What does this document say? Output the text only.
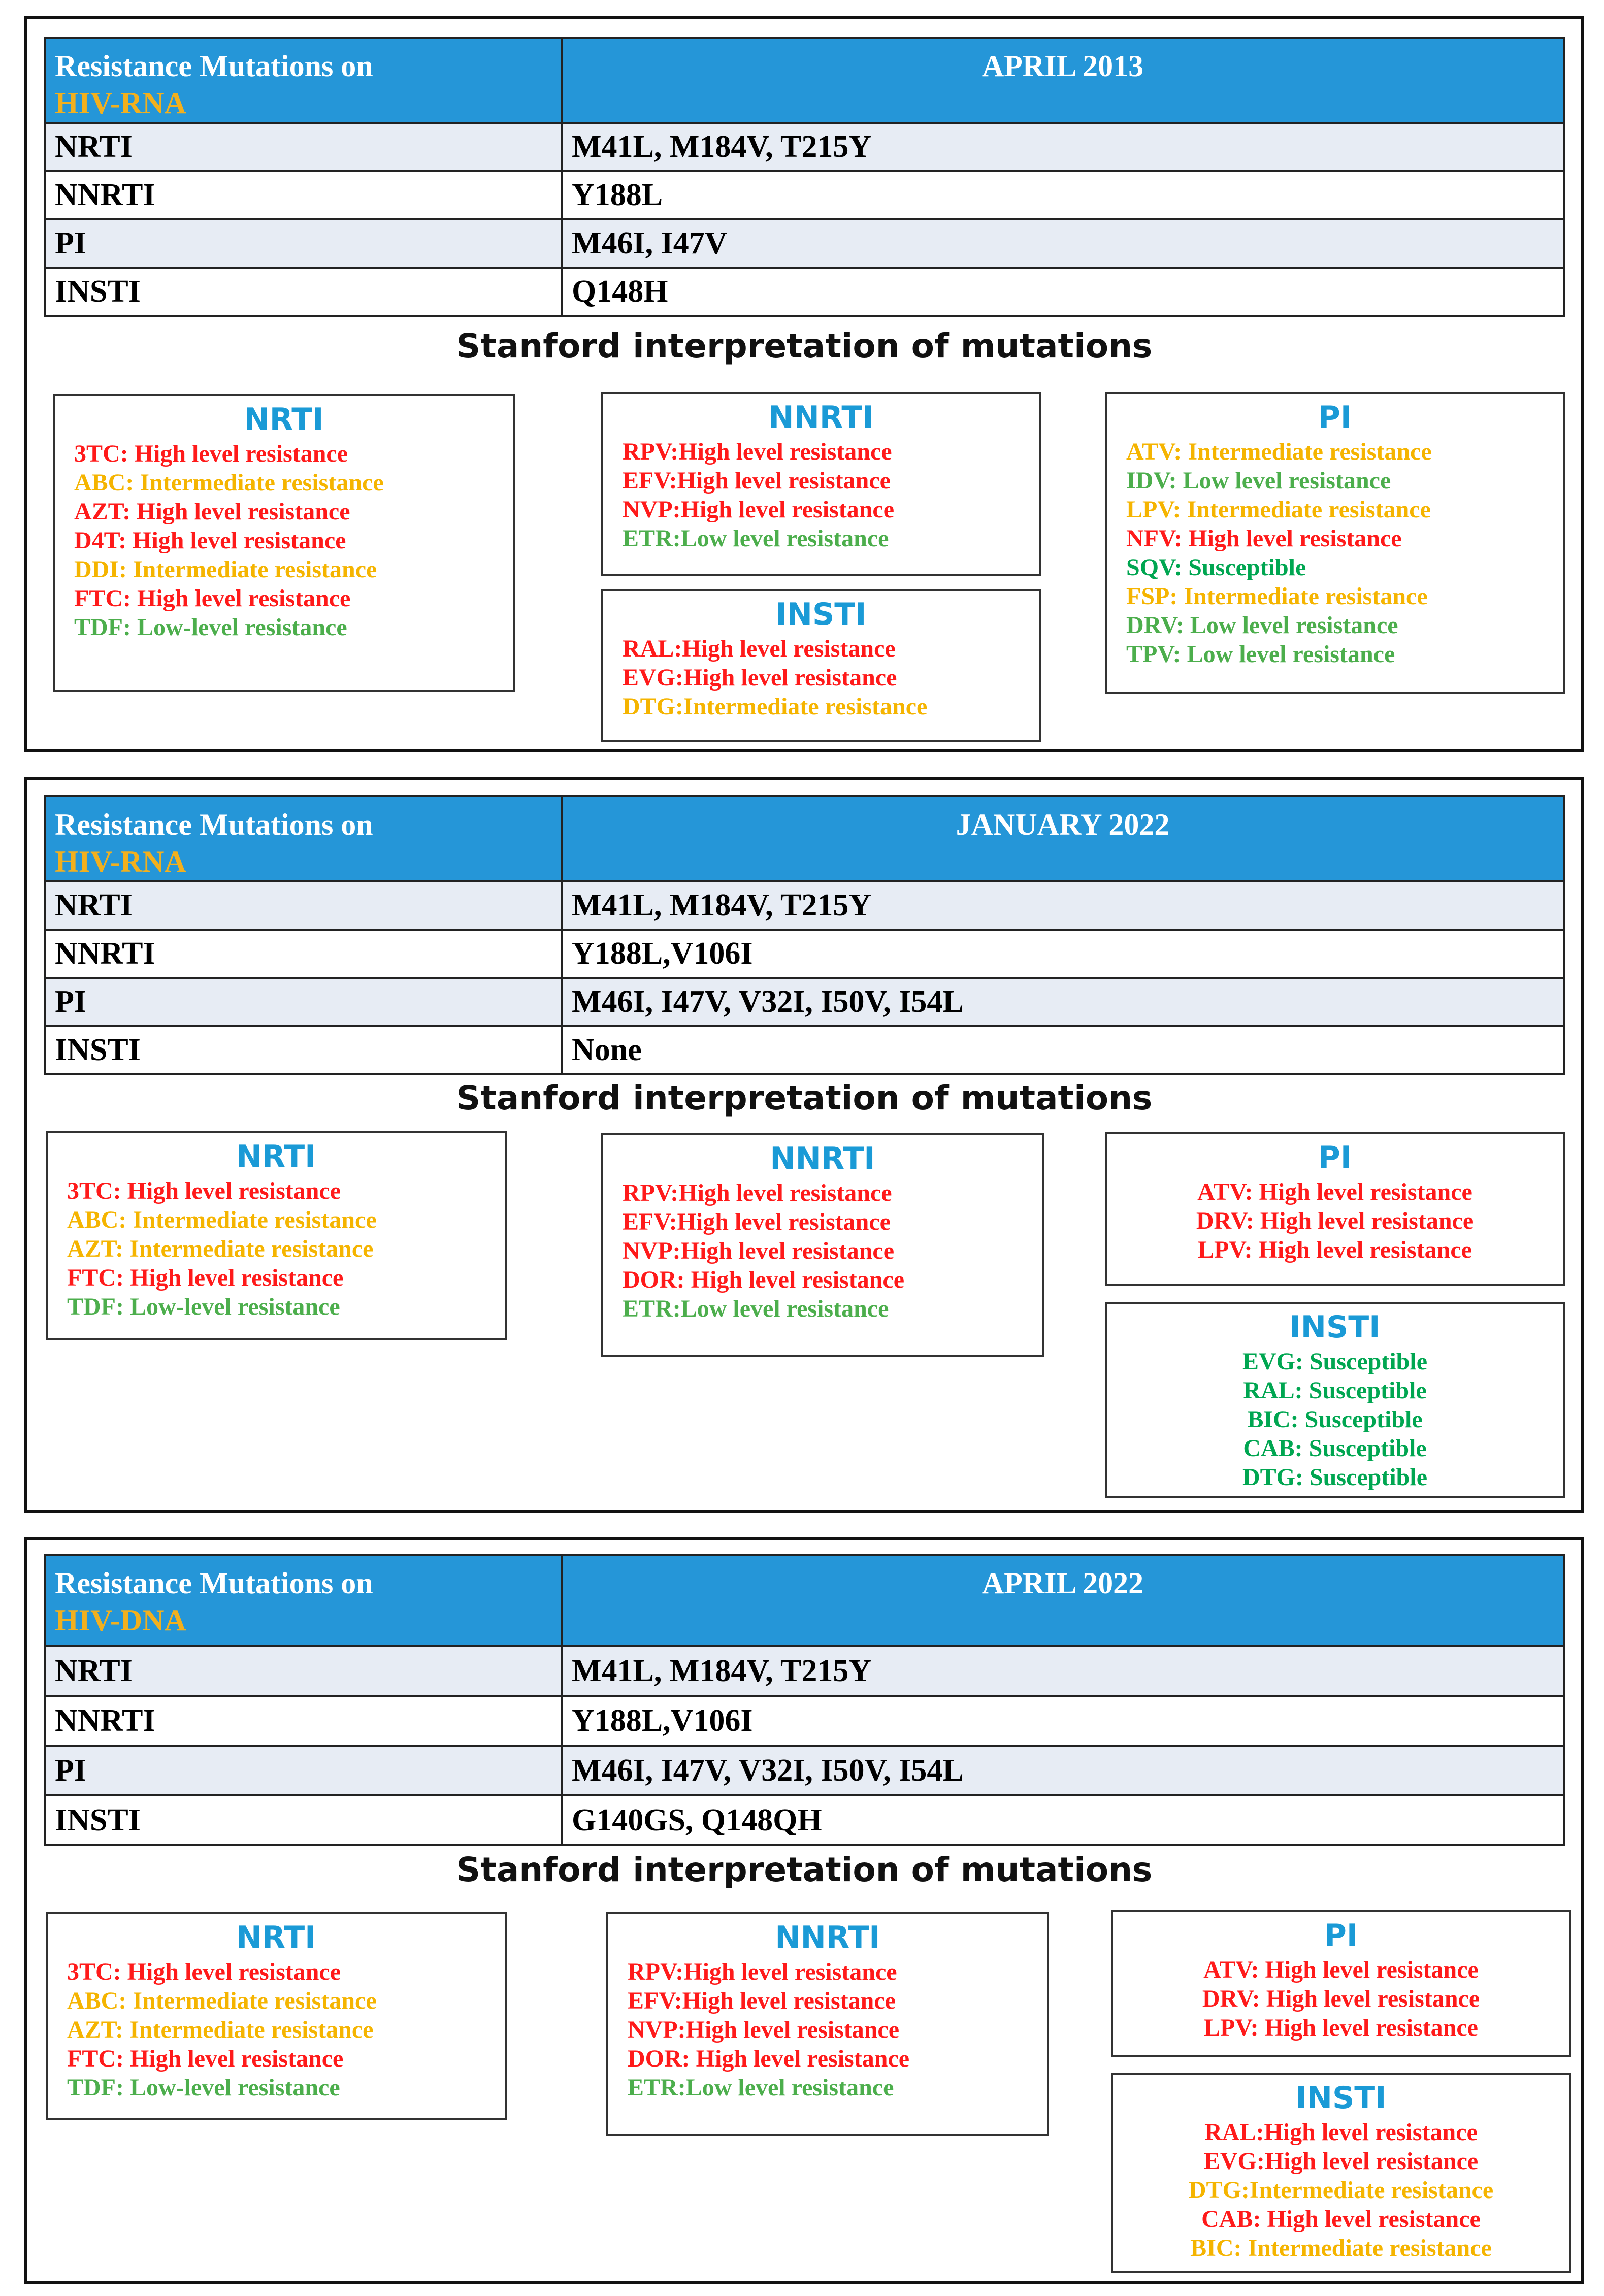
Resistance Mutations on
HIV-RNA	APRIL 2013
NRTI	M41L, M184V, T215Y
NNRTI	Y188L
PI	M46I, I47V
INSTI	Q148H
Stanford interpretation of mutations
NRTI
3TC: High level resistance
ABC: Intermediate resistance
AZT: High level resistance
D4T: High level resistance
DDI: Intermediate resistance
FTC: High level resistance
TDF: Low-level resistance
NNRTI
RPV:High level resistance
EFV:High level resistance
NVP:High level resistance
ETR:Low level resistance
INSTI
RAL:High level resistance
EVG:High level resistance
DTG:Intermediate resistance
PI
ATV: Intermediate resistance
IDV: Low level resistance
LPV: Intermediate resistance
NFV: High level resistance
SQV: Susceptible
FSP: Intermediate resistance
DRV: Low level resistance
TPV: Low level resistance
Resistance Mutations on
HIV-RNA	JANUARY 2022
NRTI	M41L, M184V, T215Y
NNRTI	Y188L,V106I
PI	M46I, I47V, V32I, I50V, I54L
INSTI	None
Stanford interpretation of mutations
NRTI
3TC: High level resistance
ABC: Intermediate resistance
AZT: Intermediate resistance
FTC: High level resistance
TDF: Low-level resistance
NNRTI
RPV:High level resistance
EFV:High level resistance
NVP:High level resistance
DOR: High level resistance
ETR:Low level resistance
PI
ATV: High level resistance
DRV: High level resistance
LPV: High level resistance
INSTI
EVG: Susceptible
RAL: Susceptible
BIC: Susceptible
CAB: Susceptible
DTG: Susceptible
Resistance Mutations on
HIV-DNA	APRIL 2022
NRTI	M41L, M184V, T215Y
NNRTI	Y188L,V106I
PI	M46I, I47V, V32I, I50V, I54L
INSTI	G140GS, Q148QH
Stanford interpretation of mutations
NRTI
3TC: High level resistance
ABC: Intermediate resistance
AZT: Intermediate resistance
FTC: High level resistance
TDF: Low-level resistance
NNRTI
RPV:High level resistance
EFV:High level resistance
NVP:High level resistance
DOR: High level resistance
ETR:Low level resistance
PI
ATV: High level resistance
DRV: High level resistance
LPV: High level resistance
INSTI
RAL:High level resistance
EVG:High level resistance
DTG:Intermediate resistance
CAB: High level resistance
BIC: Intermediate resistance
